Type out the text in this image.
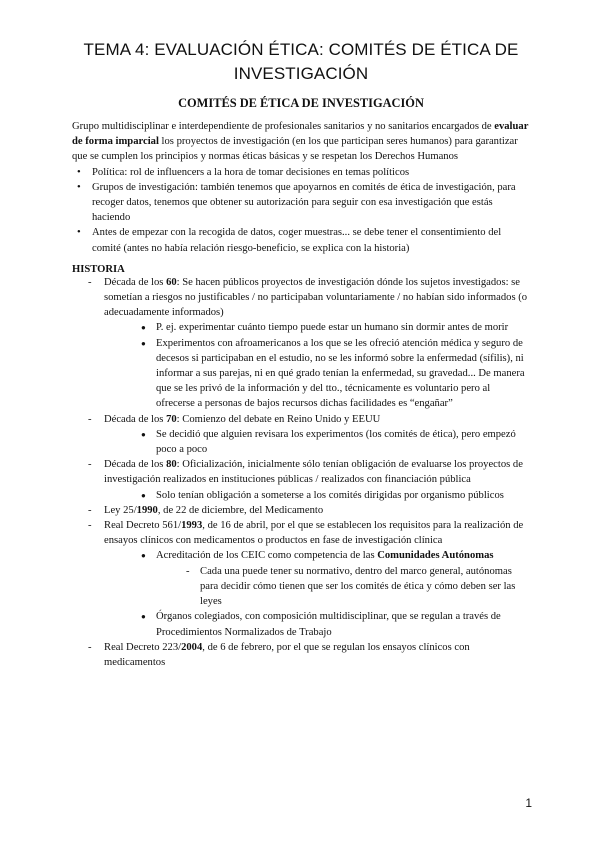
TEMA 4: EVALUACIÓN ÉTICA: COMITÉS DE ÉTICA DE
INVESTIGACIÓN
COMITÉS DE ÉTICA DE INVESTIGACIÓN

Grupo multidisciplinar e interdependiente de profesionales sanitarios y no sanitarios encargados de evaluar de forma imparcial los proyectos de investigación (en los que participan seres humanos) para garantizar que se cumplen los principios y normas éticas básicas y se respetan los Derechos Humanos

• Política: rol de influencers a la hora de tomar decisiones en temas políticos
• Grupos de investigación: también tenemos que apoyarnos en comités de ética de investigación, para recoger datos, tenemos que obtener su autorización para seguir con esa investigación que estás haciendo
• Antes de empezar con la recogida de datos, coger muestras... se debe tener el consentimiento del comité (antes no había relación riesgo-beneficio, se explica con la historia)
HISTORIA
- Década de los 60: Se hacen públicos proyectos de investigación dónde los sujetos investigados: se sometían a riesgos no justificables / no participaban voluntariamente / no habían sido informados (o adecuadamente informados)
● P. ej. experimentar cuánto tiempo puede estar un humano sin dormir antes de morir
● Experimentos con afroamericanos a los que se les ofreció atención médica y seguro de decesos si participaban en el estudio, no se les informó sobre la enfermedad (sífilis), ni informar a sus parejas, ni en qué grado tenían la enfermedad, su gravedad... De manera que se les privó de la información y del tto., técnicamente es voluntario pero al ofrecerse a personas de bajos recursos dichas facilidades es “engañar”
- Década de los 70: Comienzo del debate en Reino Unido y EEUU
● Se decidió que alguien revisara los experimentos (los comités de ética), pero empezó poco a poco
- Década de los 80: Oficialización, inicialmente sólo tenían obligación de evaluarse los proyectos de investigación realizados en instituciones públicas / realizados con financiación pública
● Solo tenían obligación a someterse a los comités dirigidas por organismo públicos
- Ley 25/1990, de 22 de diciembre, del Medicamento
- Real Decreto 561/1993, de 16 de abril, por el que se establecen los requisitos para la realización de ensayos clínicos con medicamentos o productos en fase de investigación clínica
● Acreditación de los CEIC como competencia de las Comunidades Autónomas
- Cada una puede tener su normativo, dentro del marco general, autónomas para decidir cómo tienen que ser los comités de ética y cómo deben ser las leyes
● Órganos colegiados, con composición multidisciplinar, que se regulan a través de Procedimientos Normalizados de Trabajo
- Real Decreto 223/2004, de 6 de febrero, por el que se regulan los ensayos clínicos con medicamentos
1
